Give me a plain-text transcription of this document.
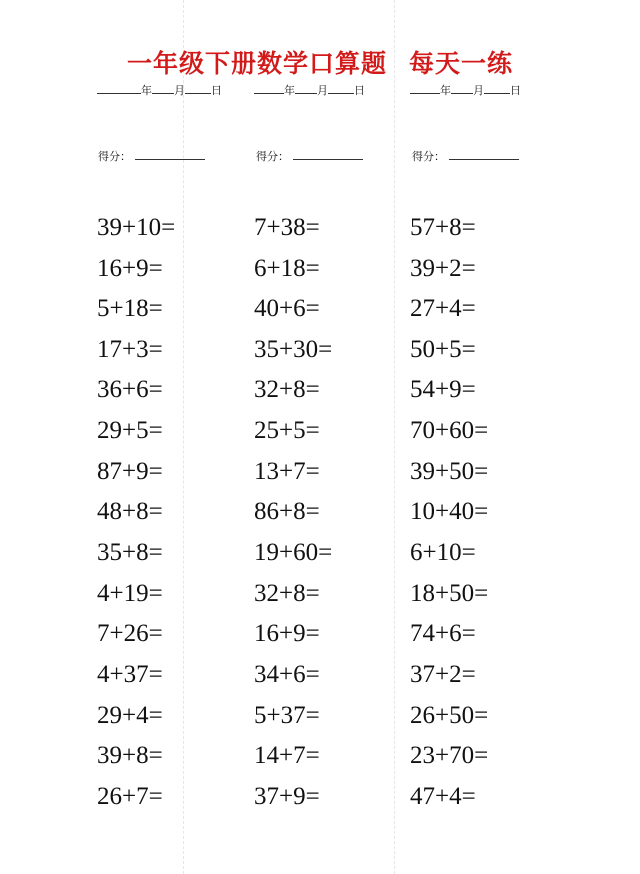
一年级下册数学口算题 每天一练
年 月 日
得分：
年 月 日
得分：
年 月 日
得分：
39+10=
16+9=
5+18=
17+3=
36+6=
29+5=
87+9=
48+8=
35+8=
4+19=
7+26=
4+37=
29+4=
39+8=
26+7=
7+38=
6+18=
40+6=
35+30=
32+8=
25+5=
13+7=
86+8=
19+60=
32+8=
16+9=
34+6=
5+37=
14+7=
37+9=
57+8=
39+2=
27+4=
50+5=
54+9=
70+60=
39+50=
10+40=
6+10=
18+50=
74+6=
37+2=
26+50=
23+70=
47+4=
